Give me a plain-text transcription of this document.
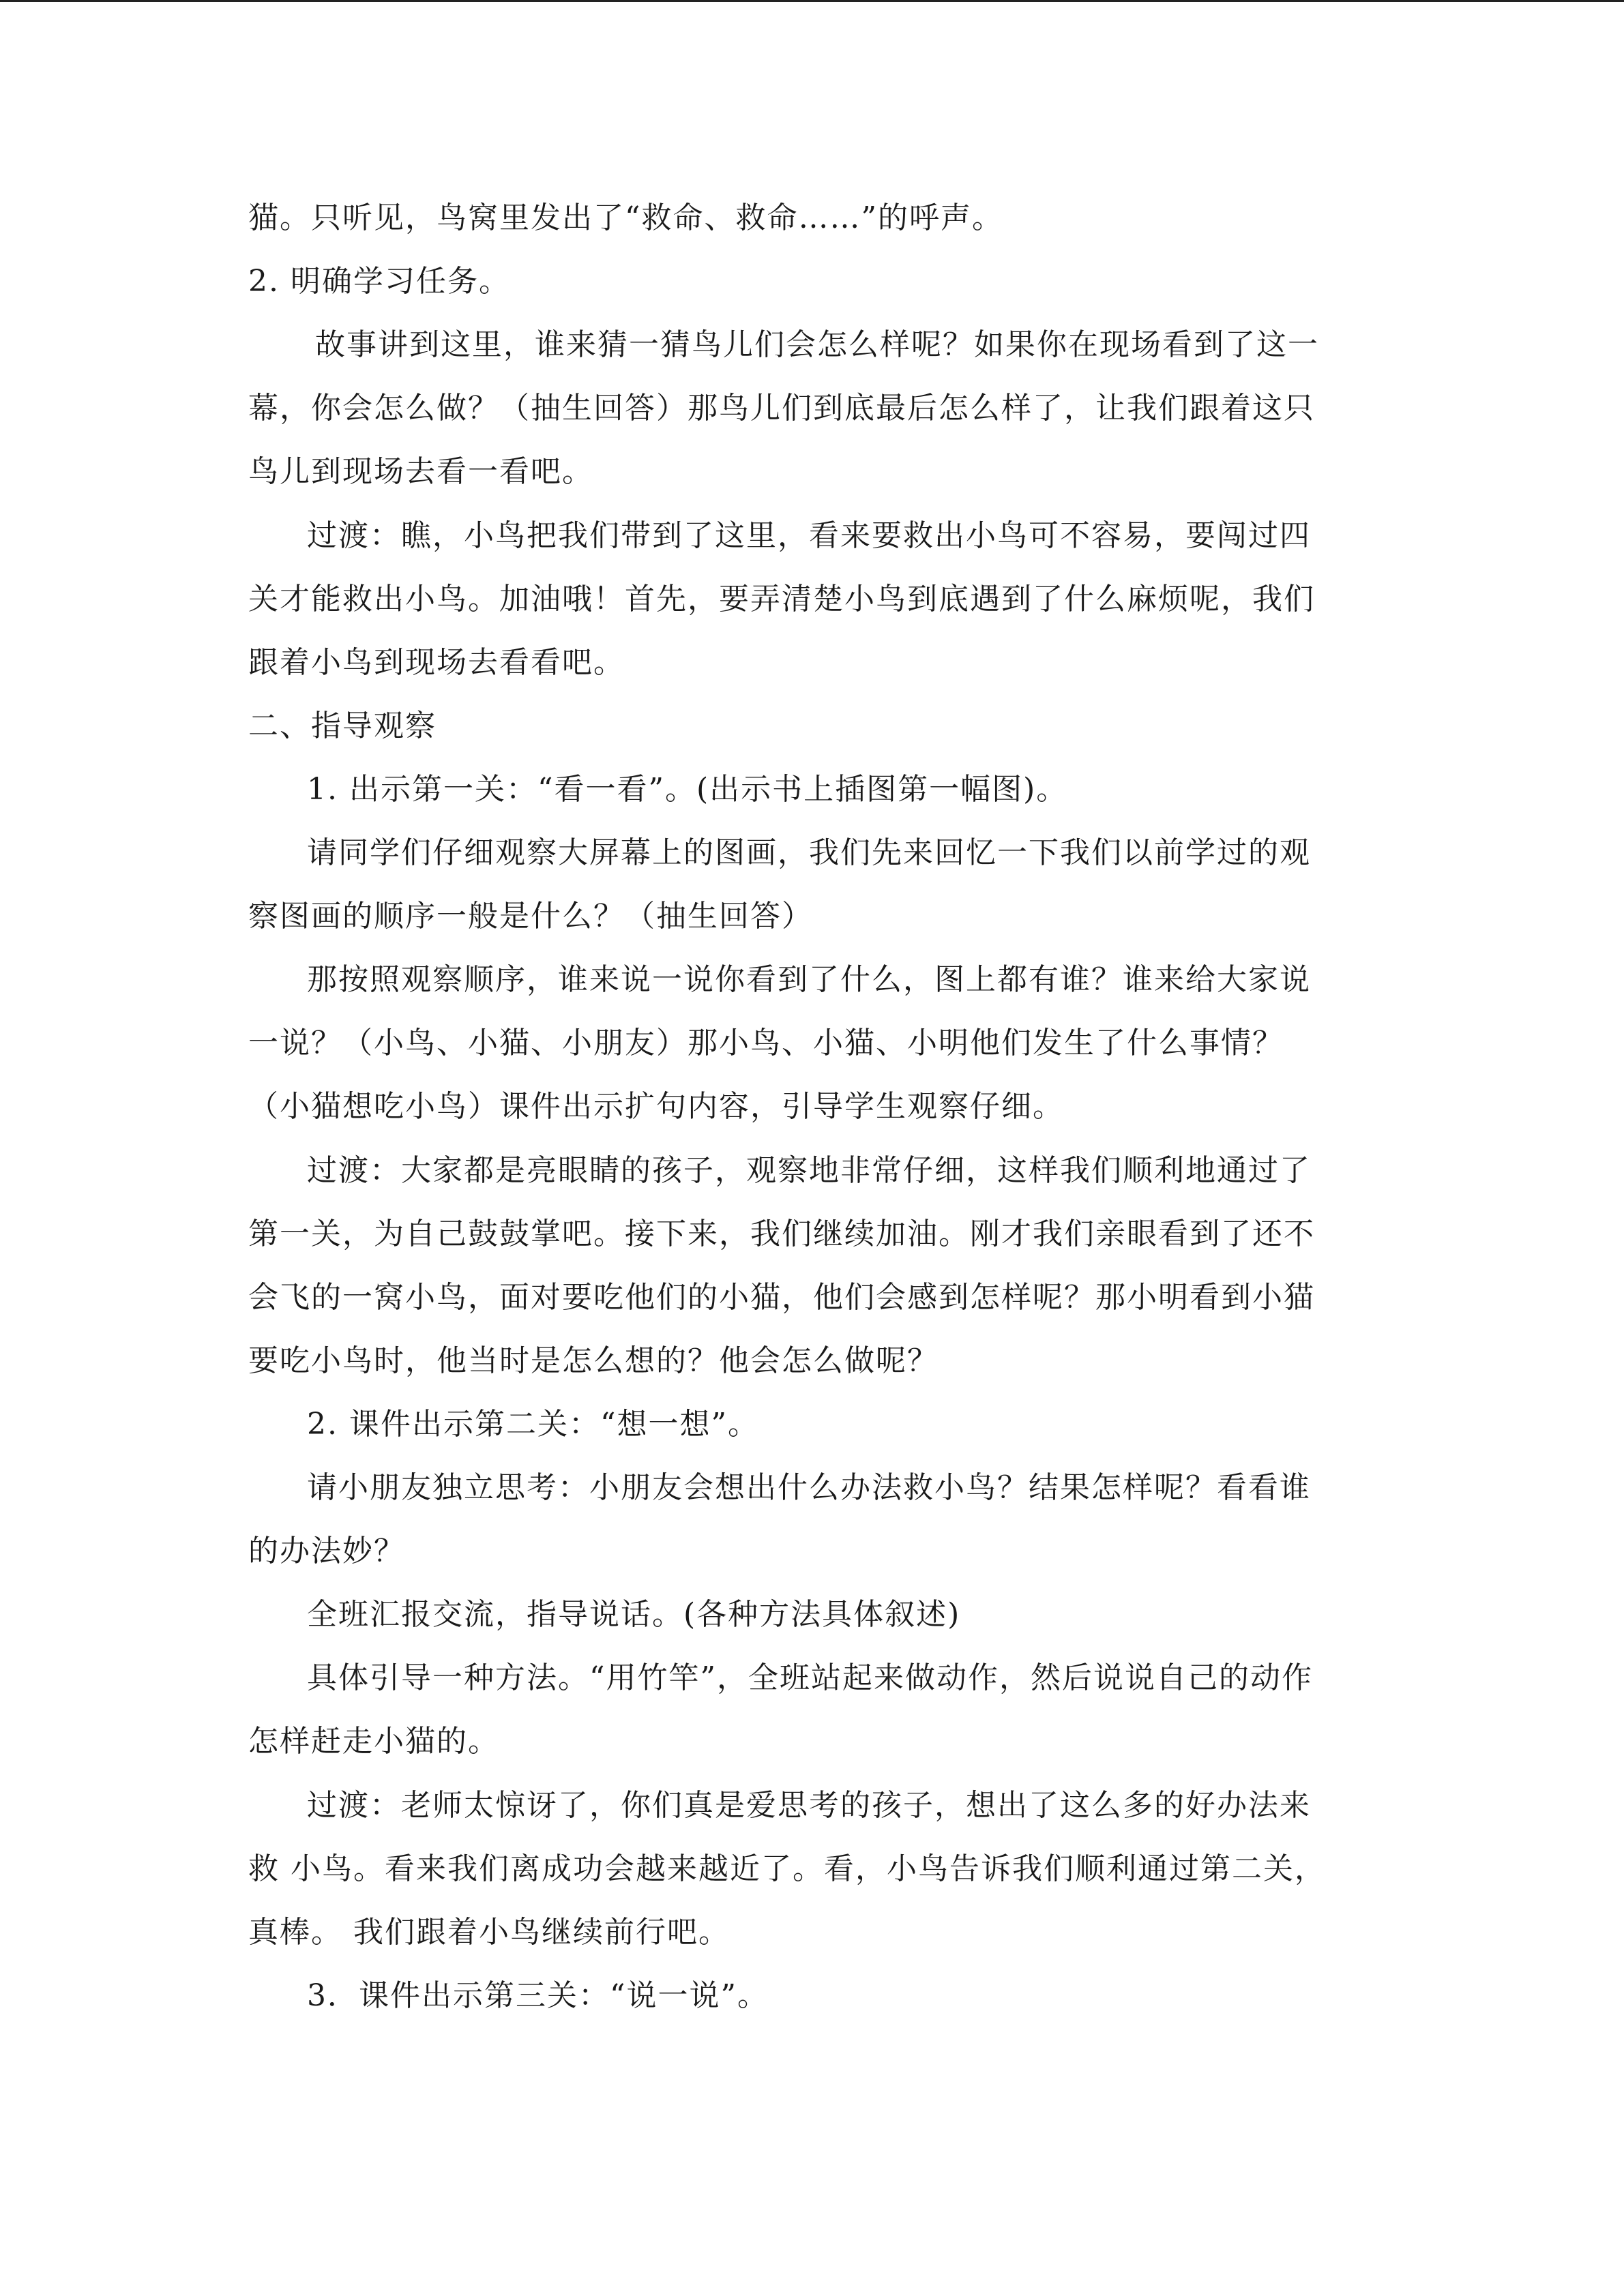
猫。只听见，鸟窝里发出了“救命、救命……”的呼声。
2. 明确学习任务。
故事讲到这里，谁来猜一猜鸟儿们会怎么样呢？如果你在现场看到了这一
幕，你会怎么做？（抽生回答）那鸟儿们到底最后怎么样了，让我们跟着这只
鸟儿到现场去看一看吧。
过渡：瞧，小鸟把我们带到了这里，看来要救出小鸟可不容易，要闯过四
关才能救出小鸟。加油哦！首先，要弄清楚小鸟到底遇到了什么麻烦呢，我们
跟着小鸟到现场去看看吧。
二、指导观察
1. 出示第一关：“看一看”。(出示书上插图第一幅图)。
请同学们仔细观察大屏幕上的图画，我们先来回忆一下我们以前学过的观
察图画的顺序一般是什么？（抽生回答）
那按照观察顺序，谁来说一说你看到了什么，图上都有谁？谁来给大家说
一说？（小鸟、小猫、小朋友）那小鸟、小猫、小明他们发生了什么事情？
（小猫想吃小鸟）课件出示扩句内容，引导学生观察仔细。
过渡：大家都是亮眼睛的孩子，观察地非常仔细，这样我们顺利地通过了
第一关，为自己鼓鼓掌吧。接下来，我们继续加油。刚才我们亲眼看到了还不
会飞的一窝小鸟，面对要吃他们的小猫，他们会感到怎样呢？那小明看到小猫
要吃小鸟时，他当时是怎么想的？他会怎么做呢？
2. 课件出示第二关：“想一想”。
请小朋友独立思考：小朋友会想出什么办法救小鸟？结果怎样呢？看看谁
的办法妙？
全班汇报交流，指导说话。(各种方法具体叙述)
具体引导一种方法。“用竹竿”，全班站起来做动作，然后说说自己的动作
怎样赶走小猫的。
过渡：老师太惊讶了，你们真是爱思考的孩子，想出了这么多的好办法来
救 小鸟。看来我们离成功会越来越近了。看，小鸟告诉我们顺利通过第二关，
真棒。 我们跟着小鸟继续前行吧。
3．课件出示第三关：“说一说”。
